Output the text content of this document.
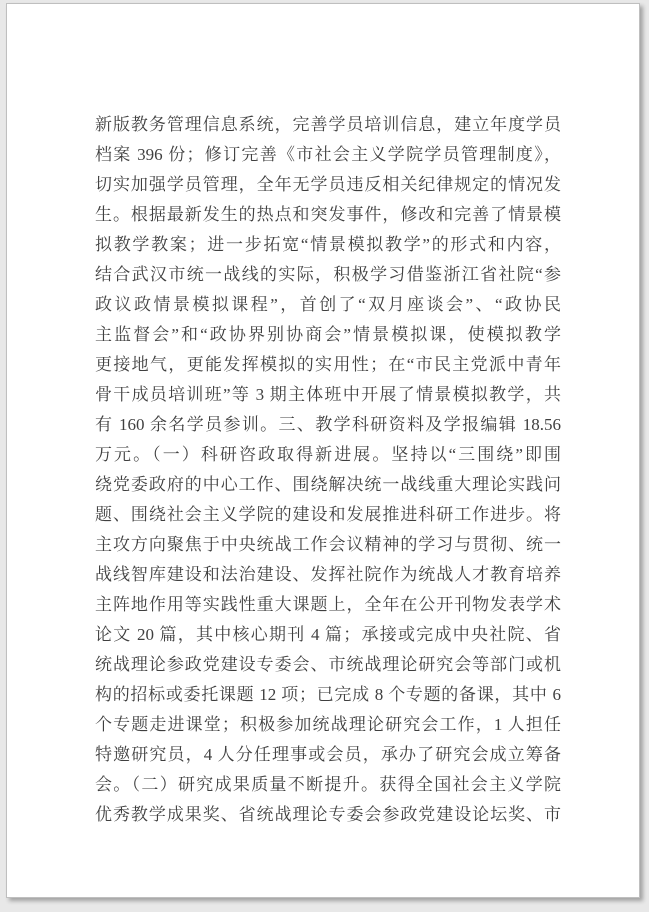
新版教务管理信息系统，完善学员培训信息，建立年度学员
档案 396 份；修订完善《市社会主义学院学员管理制度》，
切实加强学员管理，全年无学员违反相关纪律规定的情况发
生。根据最新发生的热点和突发事件，修改和完善了情景模
拟教学教案；进一步拓宽“情景模拟教学”的形式和内容，
结合武汉市统一战线的实际，积极学习借鉴浙江省社院“参
政议政情景模拟课程”，首创了“双月座谈会”、“政协民
主监督会”和“政协界别协商会”情景模拟课，使模拟教学
更接地气，更能发挥模拟的实用性；在“市民主党派中青年
骨干成员培训班”等 3 期主体班中开展了情景模拟教学，共
有 160 余名学员参训。三、教学科研资料及学报编辑 18.56
万元。（一）科研咨政取得新进展。坚持以“三围绕”即围
绕党委政府的中心工作、围绕解决统一战线重大理论实践问
题、围绕社会主义学院的建设和发展推进科研工作进步。将
主攻方向聚焦于中央统战工作会议精神的学习与贯彻、统一
战线智库建设和法治建设、发挥社院作为统战人才教育培养
主阵地作用等实践性重大课题上，全年在公开刊物发表学术
论文 20 篇，其中核心期刊 4 篇；承接或完成中央社院、省
统战理论参政党建设专委会、市统战理论研究会等部门或机
构的招标或委托课题 12 项；已完成 8 个专题的备课，其中 6
个专题走进课堂；积极参加统战理论研究会工作，1 人担任
特邀研究员，4 人分任理事或会员，承办了研究会成立筹备
会。（二）研究成果质量不断提升。获得全国社会主义学院
优秀教学成果奖、省统战理论专委会参政党建设论坛奖、市
